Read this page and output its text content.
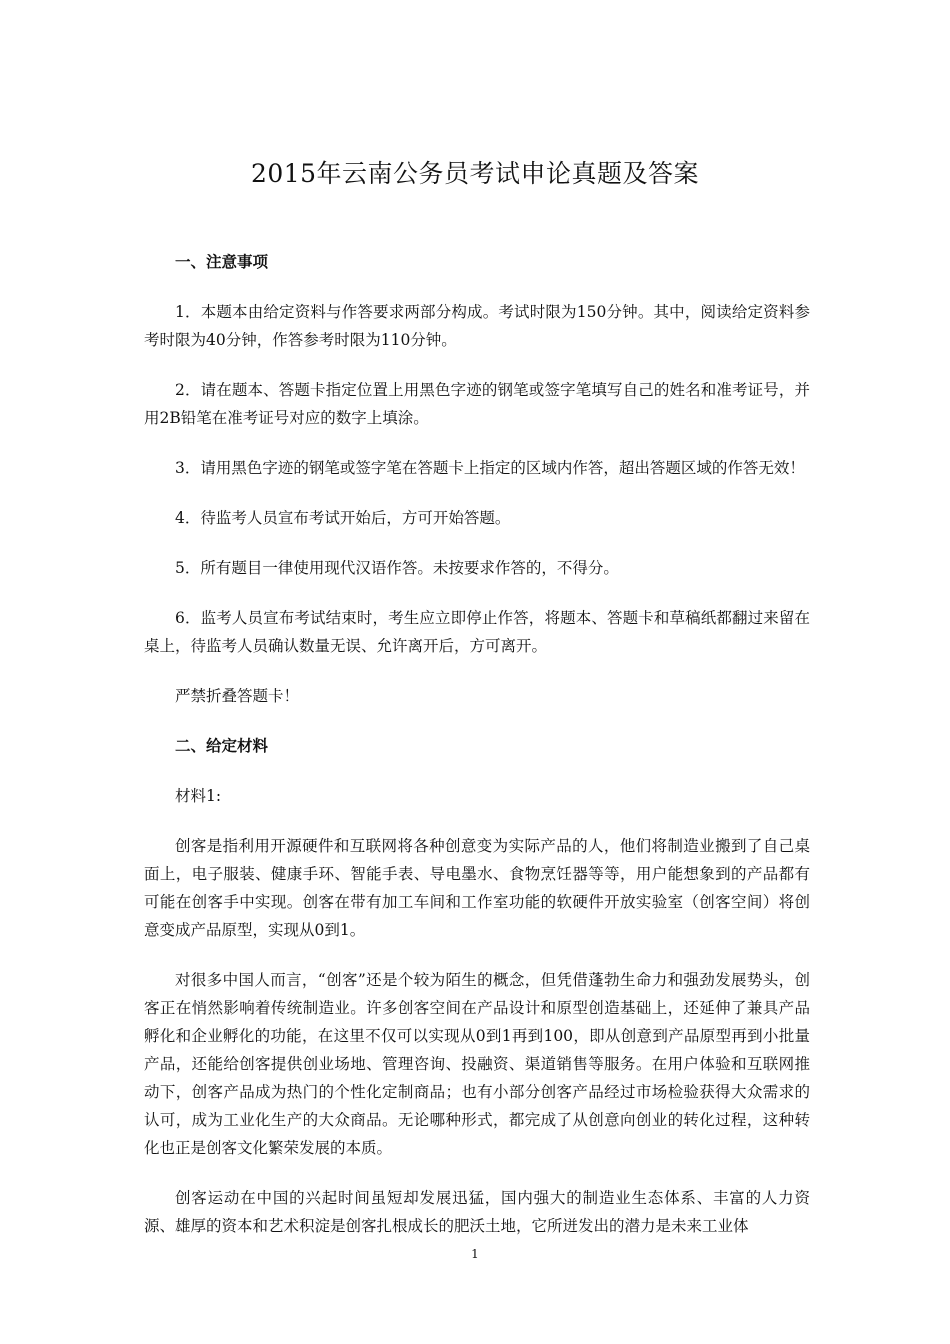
2015年云南公务员考试申论真题及答案
一、注意事项

1．本题本由给定资料与作答要求两部分构成。考试时限为150分钟。其中，阅读给定资料参考时限为40分钟，作答参考时限为110分钟。

2．请在题本、答题卡指定位置上用黑色字迹的钢笔或签字笔填写自己的姓名和准考证号，并用2B铅笔在准考证号对应的数字上填涂。

3．请用黑色字迹的钢笔或签字笔在答题卡上指定的区域内作答，超出答题区域的作答无效！

4．待监考人员宣布考试开始后，方可开始答题。

5．所有题目一律使用现代汉语作答。未按要求作答的，不得分。

6．监考人员宣布考试结束时，考生应立即停止作答，将题本、答题卡和草稿纸都翻过来留在桌上，待监考人员确认数量无误、允许离开后，方可离开。

严禁折叠答题卡！

二、给定材料

材料1:

创客是指利用开源硬件和互联网将各种创意变为实际产品的人，他们将制造业搬到了自己桌面上，电子服装、健康手环、智能手表、导电墨水、食物烹饪器等等，用户能想象到的产品都有可能在创客手中实现。创客在带有加工车间和工作室功能的软硬件开放实验室（创客空间）将创意变成产品原型，实现从0到1。

对很多中国人而言，“创客”还是个较为陌生的概念，但凭借蓬勃生命力和强劲发展势头，创客正在悄然影响着传统制造业。许多创客空间在产品设计和原型创造基础上，还延伸了兼具产品孵化和企业孵化的功能，在这里不仅可以实现从0到1再到100，即从创意到产品原型再到小批量产品，还能给创客提供创业场地、管理咨询、投融资、渠道销售等服务。在用户体验和互联网推动下，创客产品成为热门的个性化定制商品；也有小部分创客产品经过市场检验获得大众需求的认可，成为工业化生产的大众商品。无论哪种形式，都完成了从创意向创业的转化过程，这种转化也正是创客文化繁荣发展的本质。

创客运动在中国的兴起时间虽短却发展迅猛，国内强大的制造业生态体系、丰富的人力资源、雄厚的资本和艺术积淀是创客扎根成长的肥沃土地，它所迸发出的潜力是未来工业体

1
